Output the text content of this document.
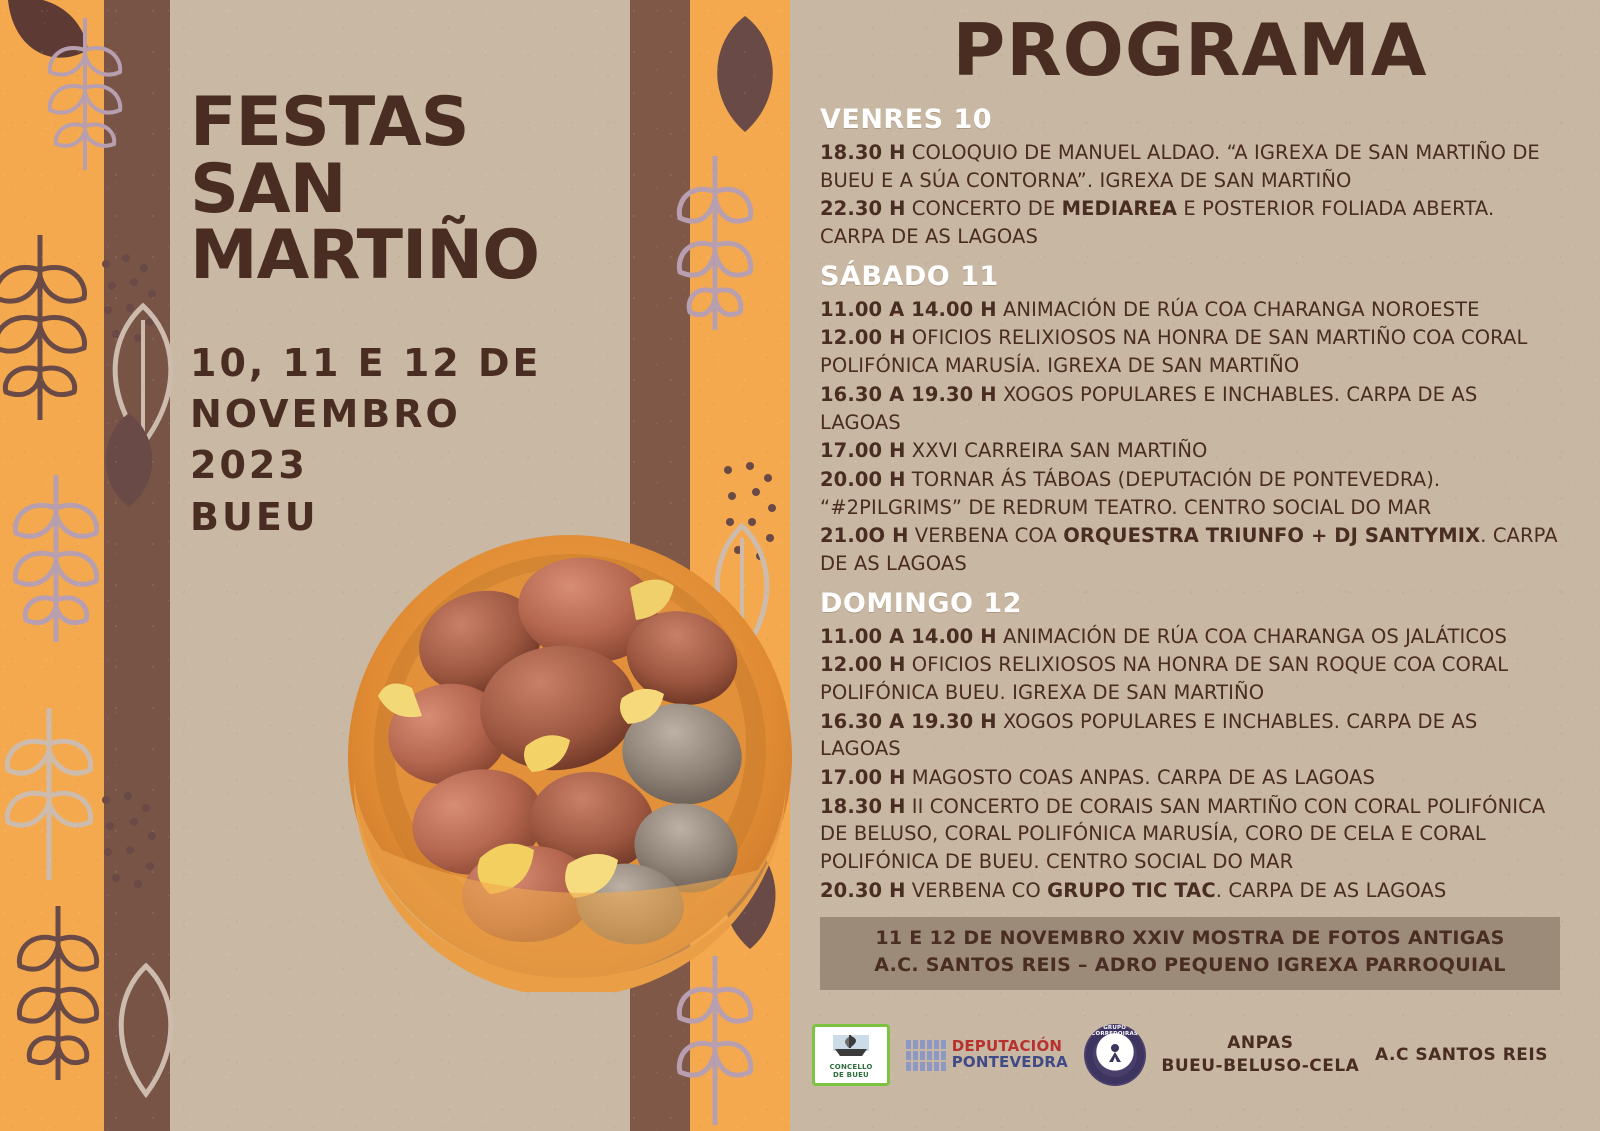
FESTAS SAN
MARTIÑO
10, 11 E 12 DE
NOVEMBRO
2023
BUEU
PROGRAMA
VENRES 10
18.30 H COLOQUIO DE MANUEL ALDAO. “A IGREXA DE SAN MARTIÑO DE BUEU E A SÚA CONTORNA”. IGREXA DE SAN MARTIÑO
22.30 H CONCERTO DE MEDIAREA E POSTERIOR FOLIADA ABERTA. CARPA DE AS LAGOAS
SÁBADO 11
11.00 A 14.00 H ANIMACIÓN DE RÚA COA CHARANGA NOROESTE
12.00 H OFICIOS RELIXIOSOS NA HONRA DE SAN MARTIÑO COA CORAL POLIFÓNICA MARUSÍA. IGREXA DE SAN MARTIÑO
16.30 A 19.30 H XOGOS POPULARES E INCHABLES. CARPA DE AS LAGOAS
17.00 H XXVI CARREIRA SAN MARTIÑO
20.00 H TORNAR ÁS TÁBOAS (DEPUTACIÓN DE PONTEVEDRA). “#2PILGRIMS” DE REDRUM TEATRO. CENTRO SOCIAL DO MAR
21.0O H VERBENA COA ORQUESTRA TRIUNFO + DJ SANTYMIX. CARPA DE AS LAGOAS
DOMINGO 12
11.00 A 14.00 H ANIMACIÓN DE RÚA COA CHARANGA OS JALÁTICOS
12.00 H OFICIOS RELIXIOSOS NA HONRA DE SAN ROQUE COA CORAL POLIFÓNICA BUEU. IGREXA DE SAN MARTIÑO
16.30 A 19.30 H XOGOS POPULARES E INCHABLES. CARPA DE AS LAGOAS
17.00 H MAGOSTO COAS ANPAS. CARPA DE AS LAGOAS
18.30 H II CONCERTO DE CORAIS SAN MARTIÑO CON CORAL POLIFÓNICA DE BELUSO, CORAL POLIFÓNICA MARUSÍA, CORO DE CELA E CORAL POLIFÓNICA DE BUEU. CENTRO SOCIAL DO MAR
20.30 H VERBENA CO GRUPO TIC TAC. CARPA DE AS LAGOAS
11 E 12 DE NOVEMBRO XXIV MOSTRA DE FOTOS ANTIGAS
A.C. SANTOS REIS – ADRO PEQUENO IGREXA PARROQUIAL
CONCELLO
DE BUEU
DEPUTACIÓN
PONTEVEDRA
GRUPO CORREDOIRAS	ANPAS
BUEU-BELUSO-CELA
A.C SANTOS REIS
